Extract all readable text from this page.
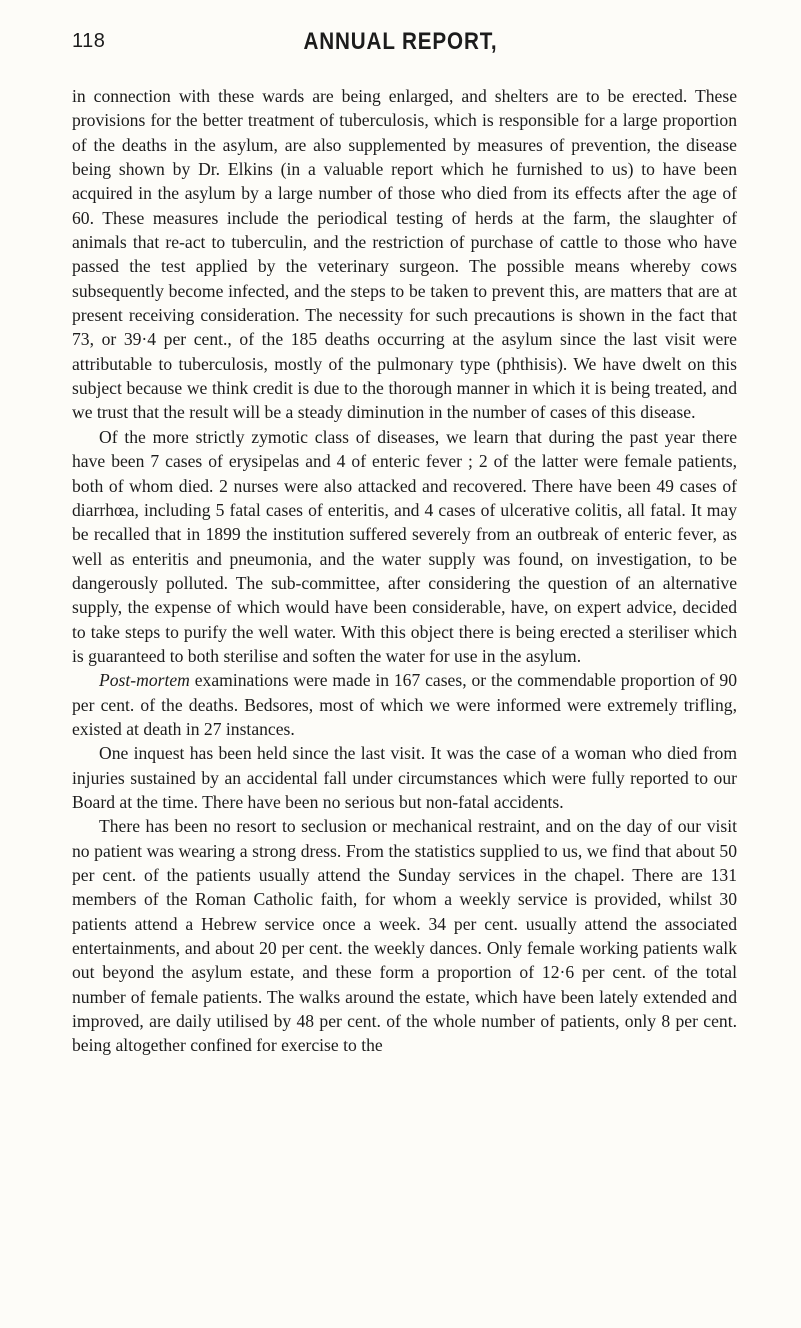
118	ANNUAL REPORT,

in connection with these wards are being enlarged, and shelters are to be erected. These provisions for the better treatment of tuberculosis, which is responsible for a large proportion of the deaths in the asylum, are also supplemented by measures of prevention, the disease being shown by Dr. Elkins (in a valuable report which he furnished to us) to have been acquired in the asylum by a large number of those who died from its effects after the age of 60. These measures include the periodical testing of herds at the farm, the slaughter of animals that re-act to tuberculin, and the restriction of purchase of cattle to those who have passed the test applied by the veterinary surgeon. The possible means whereby cows subsequently become infected, and the steps to be taken to prevent this, are matters that are at present receiving consideration. The necessity for such precautions is shown in the fact that 73, or 39·4 per cent., of the 185 deaths occurring at the asylum since the last visit were attributable to tuberculosis, mostly of the pulmonary type (phthisis). We have dwelt on this subject because we think credit is due to the thorough manner in which it is being treated, and we trust that the result will be a steady diminution in the number of cases of this disease.

Of the more strictly zymotic class of diseases, we learn that during the past year there have been 7 cases of erysipelas and 4 of enteric fever ; 2 of the latter were female patients, both of whom died. 2 nurses were also attacked and recovered. There have been 49 cases of diarrhœa, including 5 fatal cases of enteritis, and 4 cases of ulcerative colitis, all fatal. It may be recalled that in 1899 the institution suffered severely from an outbreak of enteric fever, as well as enteritis and pneumonia, and the water supply was found, on investigation, to be dangerously polluted. The sub-committee, after considering the question of an alternative supply, the expense of which would have been considerable, have, on expert advice, decided to take steps to purify the well water. With this object there is being erected a steriliser which is guaranteed to both sterilise and soften the water for use in the asylum.

Post-mortem examinations were made in 167 cases, or the commendable proportion of 90 per cent. of the deaths. Bedsores, most of which we were informed were extremely trifling, existed at death in 27 instances.

One inquest has been held since the last visit. It was the case of a woman who died from injuries sustained by an accidental fall under circumstances which were fully reported to our Board at the time. There have been no serious but non-fatal accidents.

There has been no resort to seclusion or mechanical restraint, and on the day of our visit no patient was wearing a strong dress. From the statistics supplied to us, we find that about 50 per cent. of the patients usually attend the Sunday services in the chapel. There are 131 members of the Roman Catholic faith, for whom a weekly service is provided, whilst 30 patients attend a Hebrew service once a week. 34 per cent. usually attend the associated entertainments, and about 20 per cent. the weekly dances. Only female working patients walk out beyond the asylum estate, and these form a proportion of 12·6 per cent. of the total number of female patients. The walks around the estate, which have been lately extended and improved, are daily utilised by 48 per cent. of the whole number of patients, only 8 per cent. being altogether confined for exercise to the
